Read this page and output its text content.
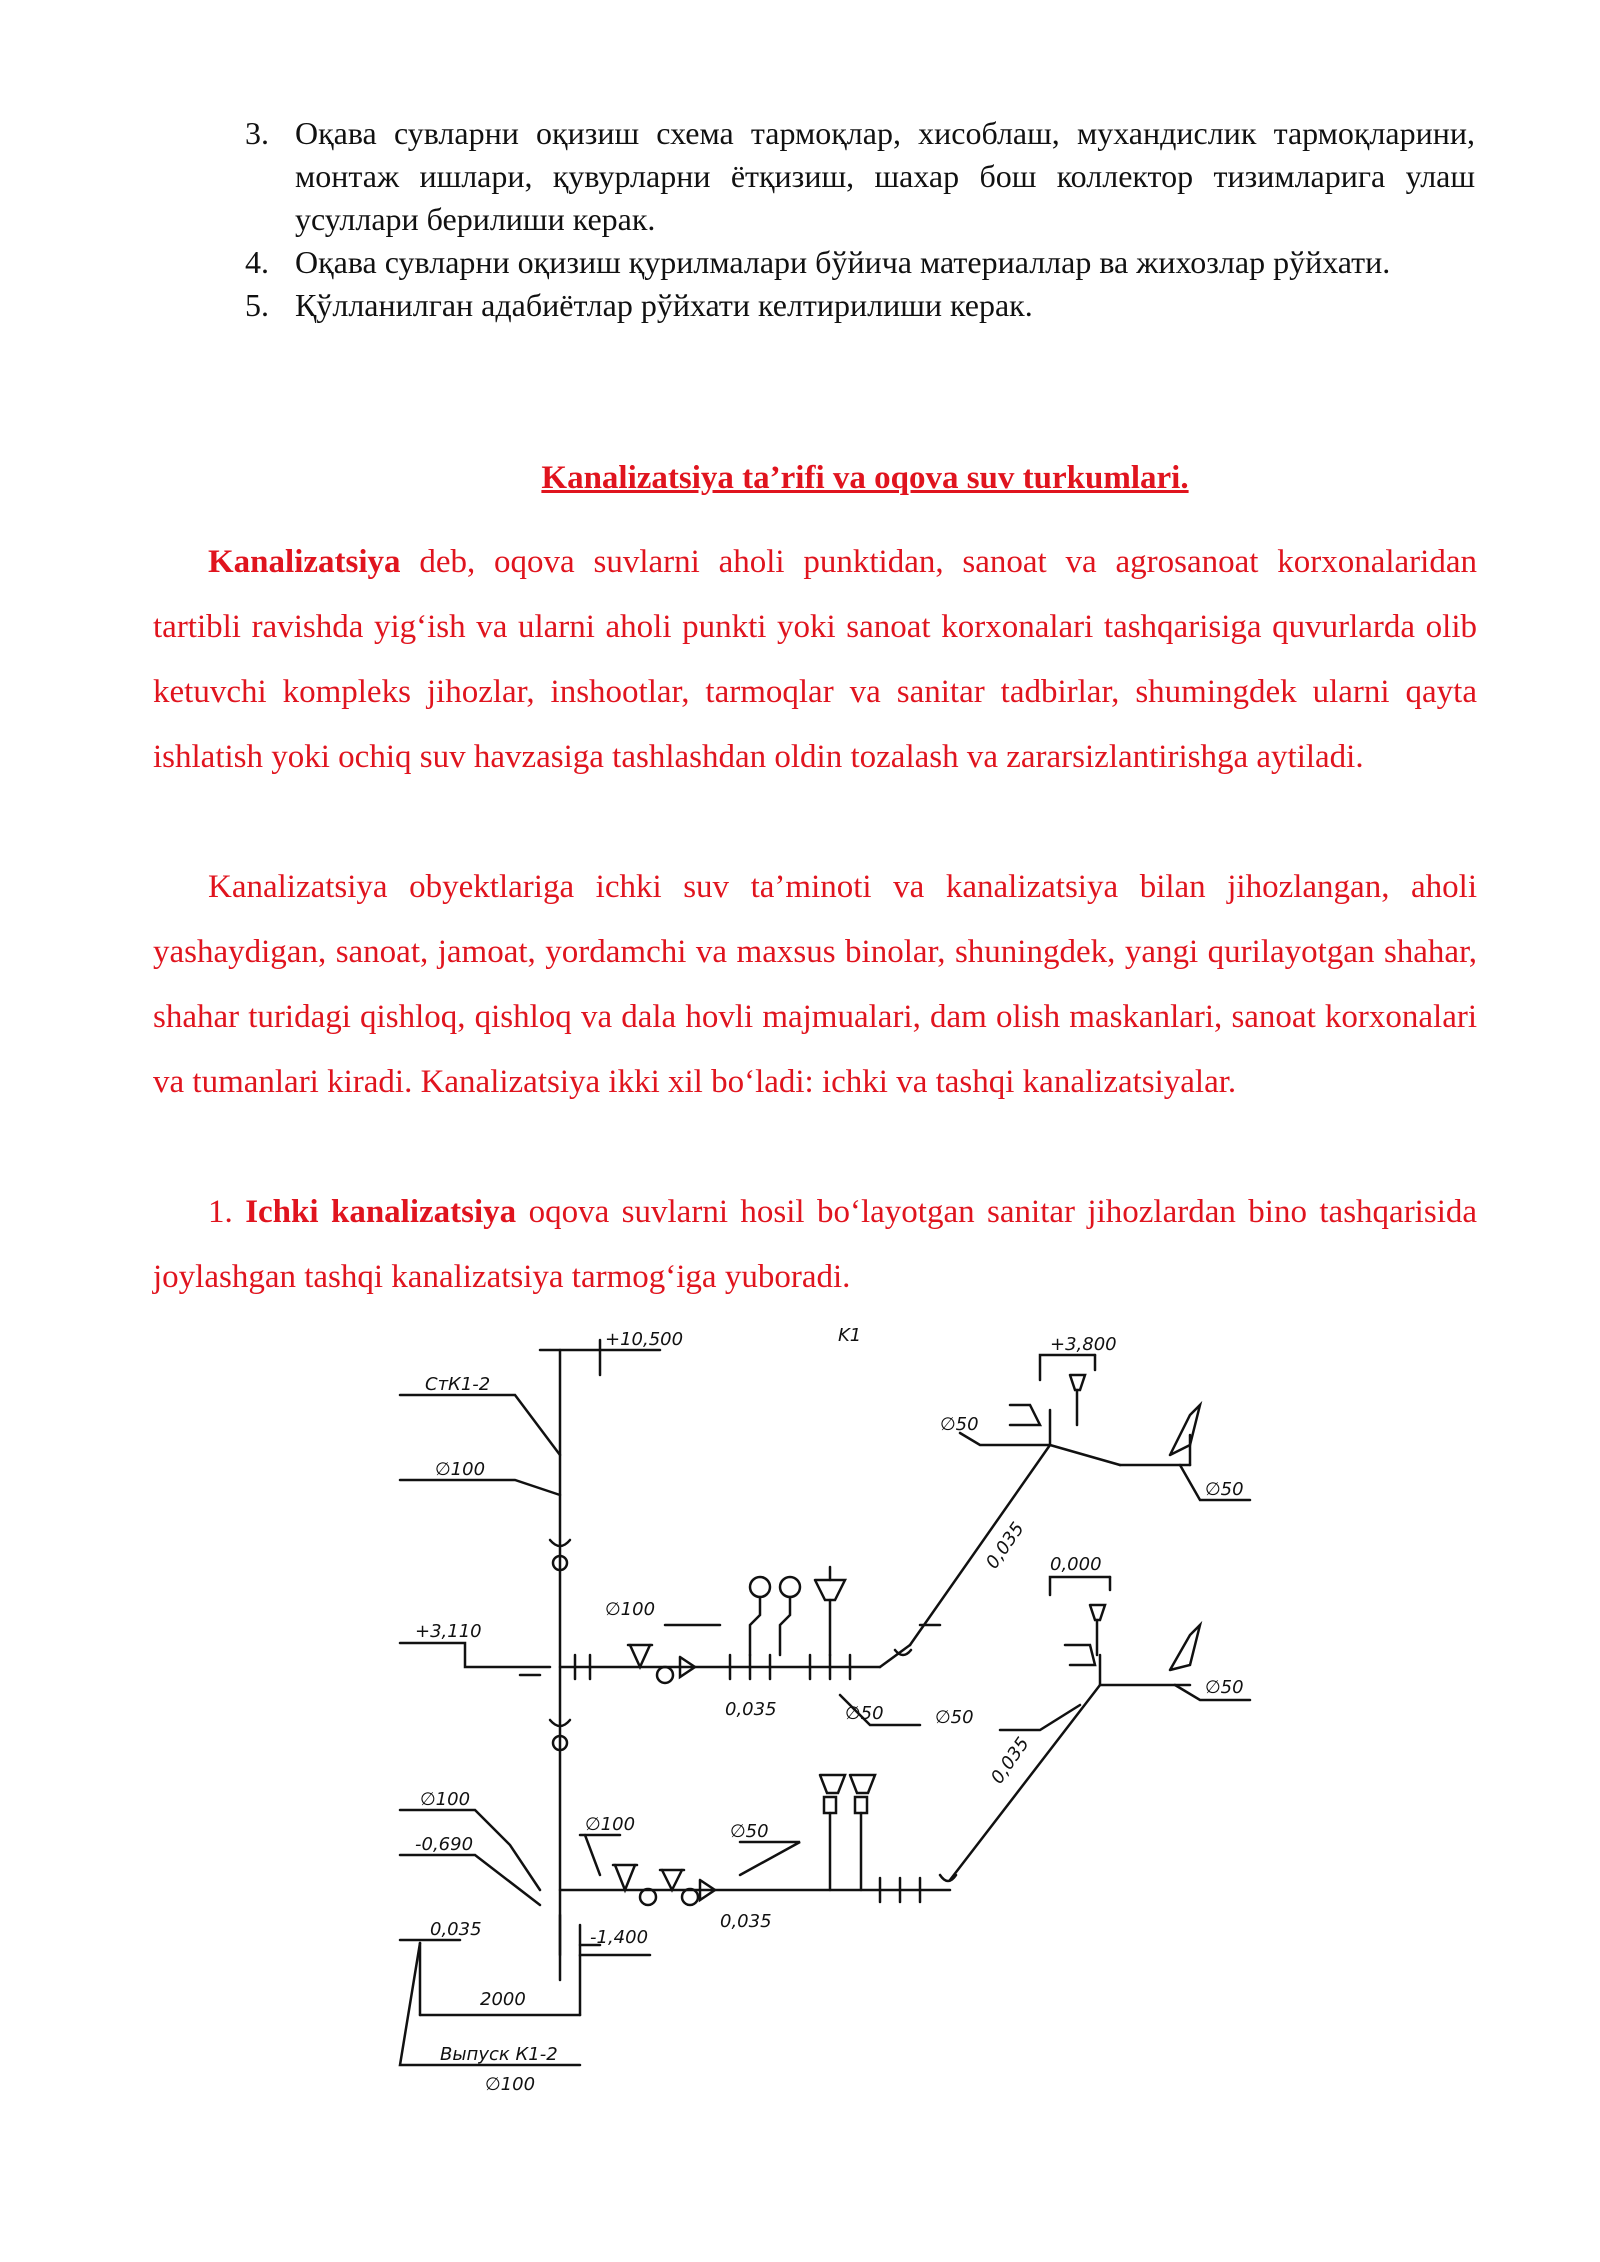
3. Оқава сувларни оқизиш схема тармоқлар, хисоблаш, мухандислик тармоқларини, монтаж ишлари, қувурларни ётқизиш, шахар бош коллектор тизимларига улаш усуллари берилиши керак.
4. Оқава сувларни оқизиш қурилмалари бўйича материаллар ва жихозлар рўйхати.
5. Қўлланилган адабиётлар рўйхати келтирилиши керак.
Kanalizatsiya ta’rifi va oqova suv turkumlari.

Kanalizatsiya deb, oqova suvlarni aholi punktidan, sanoat va agrosanoat korxonalaridan tartibli ravishda yig‘ish va ularni aholi punkti yoki sanoat korxonalari tashqarisiga quvurlarda olib ketuvchi kompleks jihozlar, inshootlar, tarmoqlar va sanitar tadbirlar, shumingdek ularni qayta ishlatish yoki ochiq suv havzasiga tashlashdan oldin tozalash va zararsizlantirishga aytiladi.

Kanalizatsiya obyektlariga ichki suv ta’minoti va kanalizatsiya bilan jihozlangan, aholi yashaydigan, sanoat, jamoat, yordamchi va maxsus binolar, shuningdek, yangi qurilayotgan shahar, shahar turidagi qishloq, qishloq va dala hovli majmualari, dam olish maskanlari, sanoat korxonalari va tumanlari kiradi. Kanalizatsiya ikki xil bo‘ladi: ichki va tashqi kanalizatsiyalar.

1. Ichki kanalizatsiya oqova suvlarni hosil bo‘layotgan sanitar jihozlardan bino tashqarisida joylashgan tashqi kanalizatsiya tarmog‘iga yuboradi.

K1
+10,500
СтК1-2
∅100
+3,110
∅100
0,035	∅50	∅50
+3,800
∅50
∅50
0,035 0,000
∅50
0,035
∅100
∅100
-0,690
∅50
0,035
0,035	-1,400
2000
Выпуск К1-2
∅100
